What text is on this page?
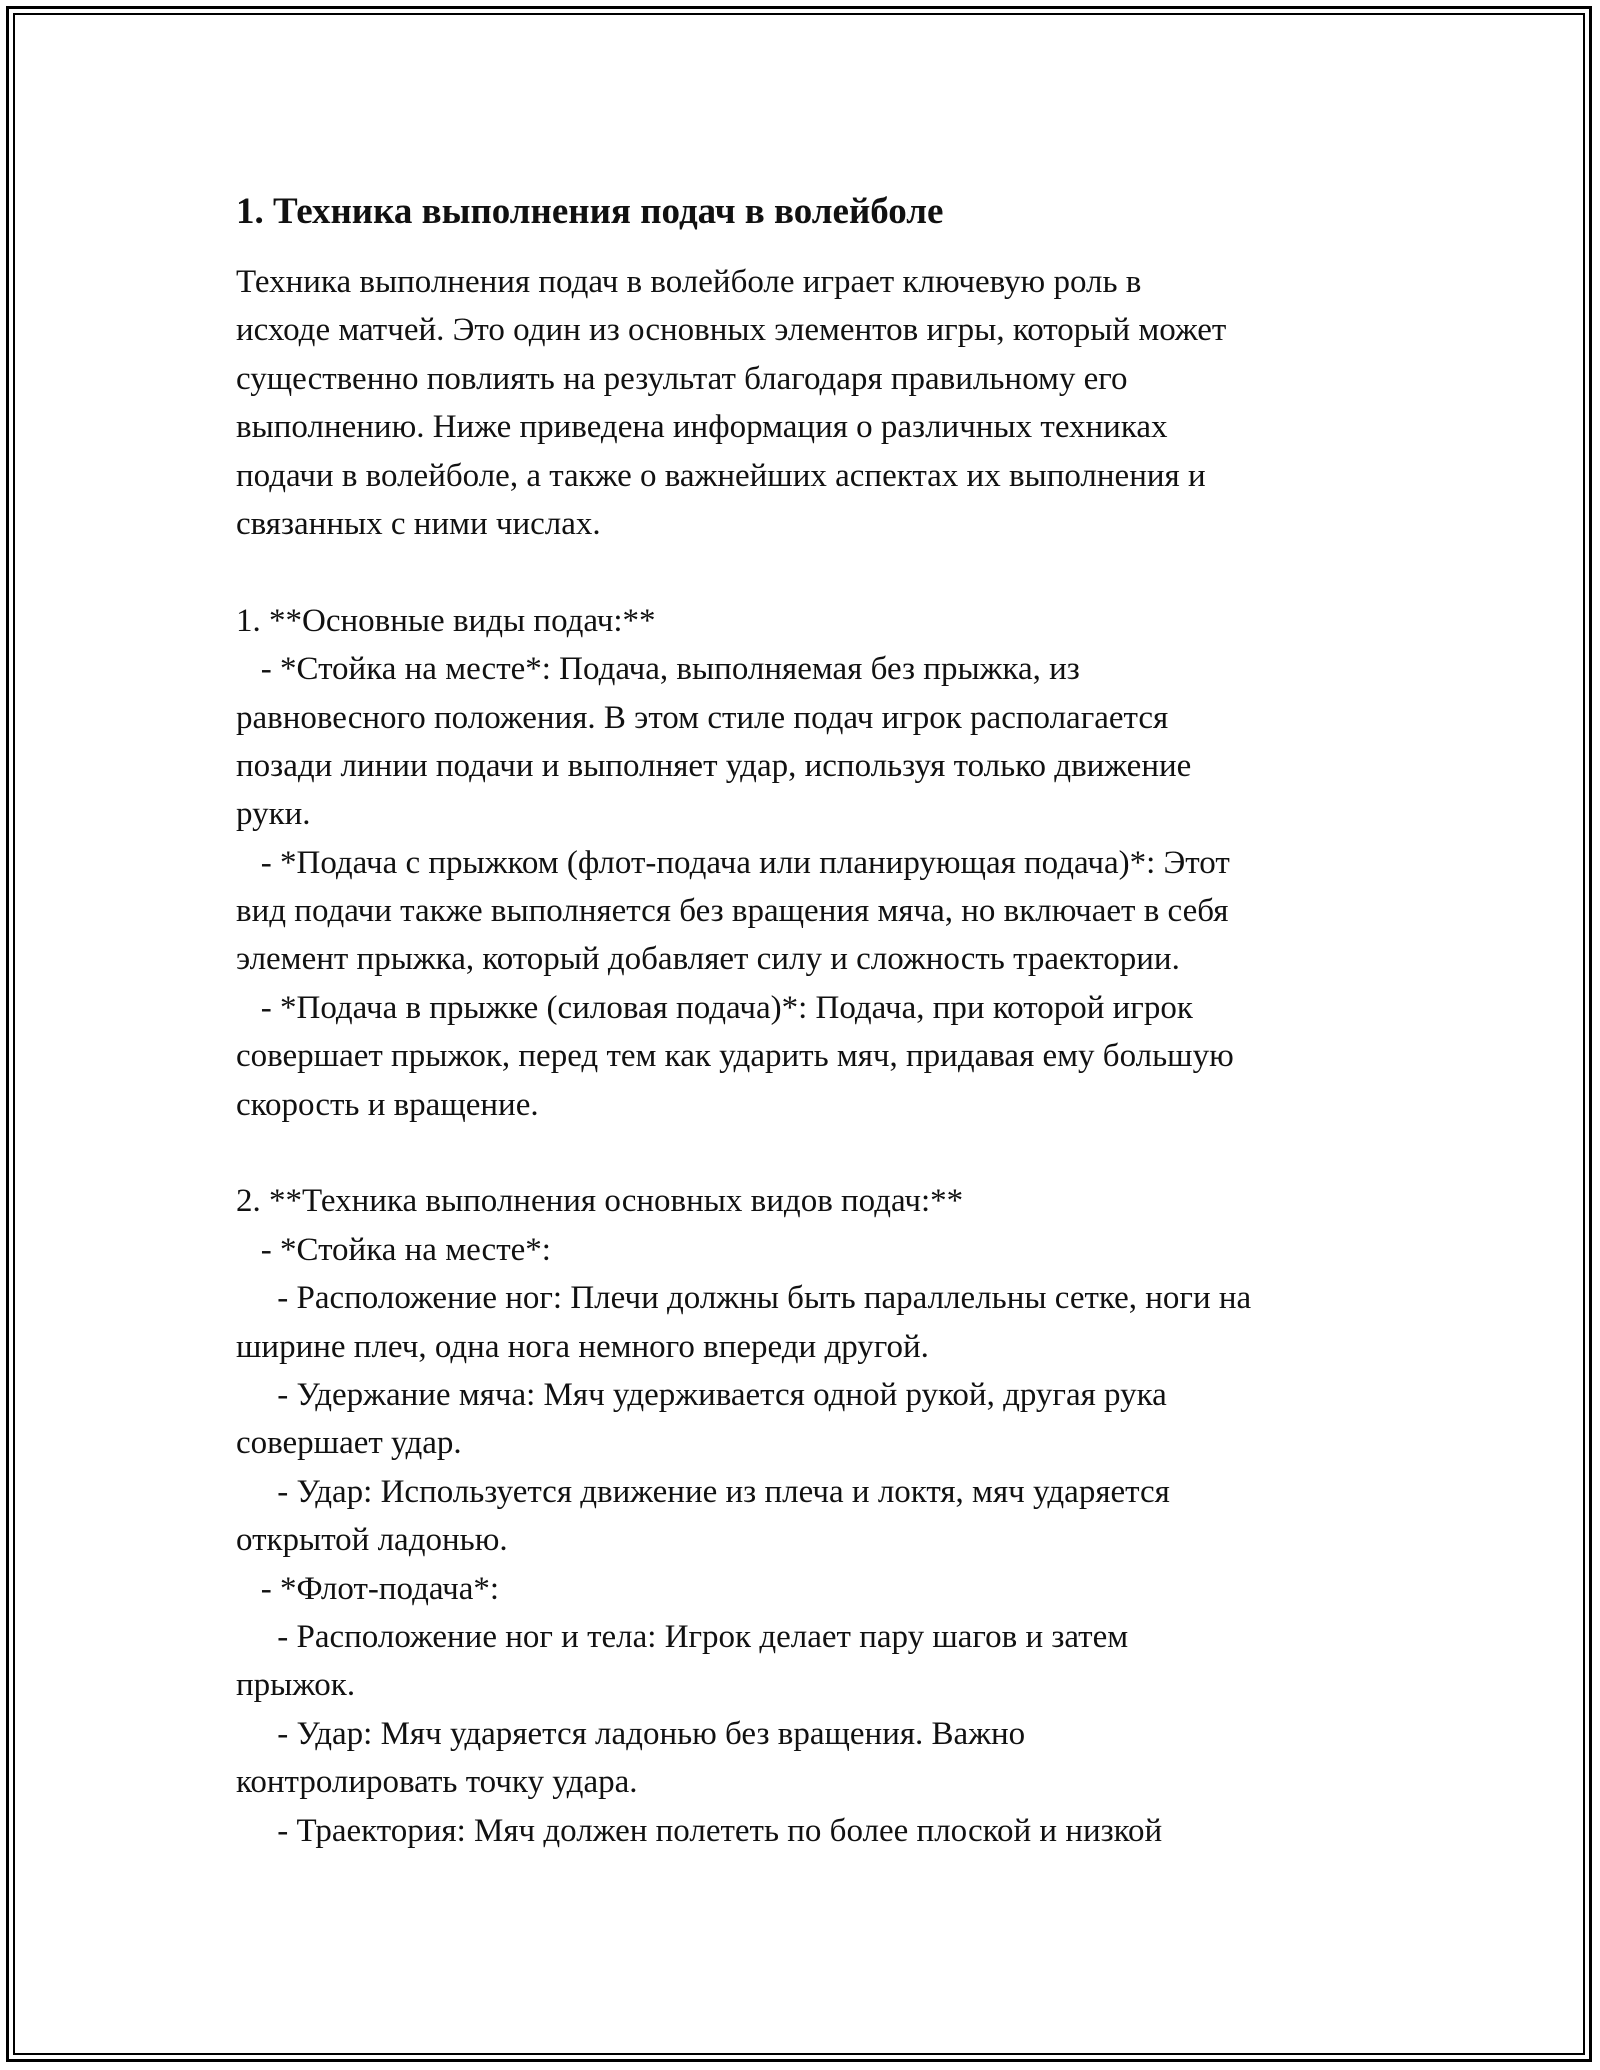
1. Техника выполнения подач в волейболе
Техника выполнения подач в волейболе играет ключевую роль в
исходе матчей. Это один из основных элементов игры, который может
существенно повлиять на результат благодаря правильному его
выполнению. Ниже приведена информация о различных техниках
подачи в волейболе, а также о важнейших аспектах их выполнения и
связанных с ними числах.
1. **Основные виды подач:**
- *Стойка на месте*: Подача, выполняемая без прыжка, из
равновесного положения. В этом стиле подач игрок располагается
позади линии подачи и выполняет удар, используя только движение
руки.
- *Подача с прыжком (флот-подача или планирующая подача)*: Этот
вид подачи также выполняется без вращения мяча, но включает в себя
элемент прыжка, который добавляет силу и сложность траектории.
- *Подача в прыжке (силовая подача)*: Подача, при которой игрок
совершает прыжок, перед тем как ударить мяч, придавая ему большую
скорость и вращение.
2. **Техника выполнения основных видов подач:**
- *Стойка на месте*:
- Расположение ног: Плечи должны быть параллельны сетке, ноги на
ширине плеч, одна нога немного впереди другой.
- Удержание мяча: Мяч удерживается одной рукой, другая рука
совершает удар.
- Удар: Используется движение из плеча и локтя, мяч ударяется
открытой ладонью.
- *Флот-подача*:
- Расположение ног и тела: Игрок делает пару шагов и затем
прыжок.
- Удар: Мяч ударяется ладонью без вращения. Важно
контролировать точку удара.
- Траектория: Мяч должен полететь по более плоской и низкой
